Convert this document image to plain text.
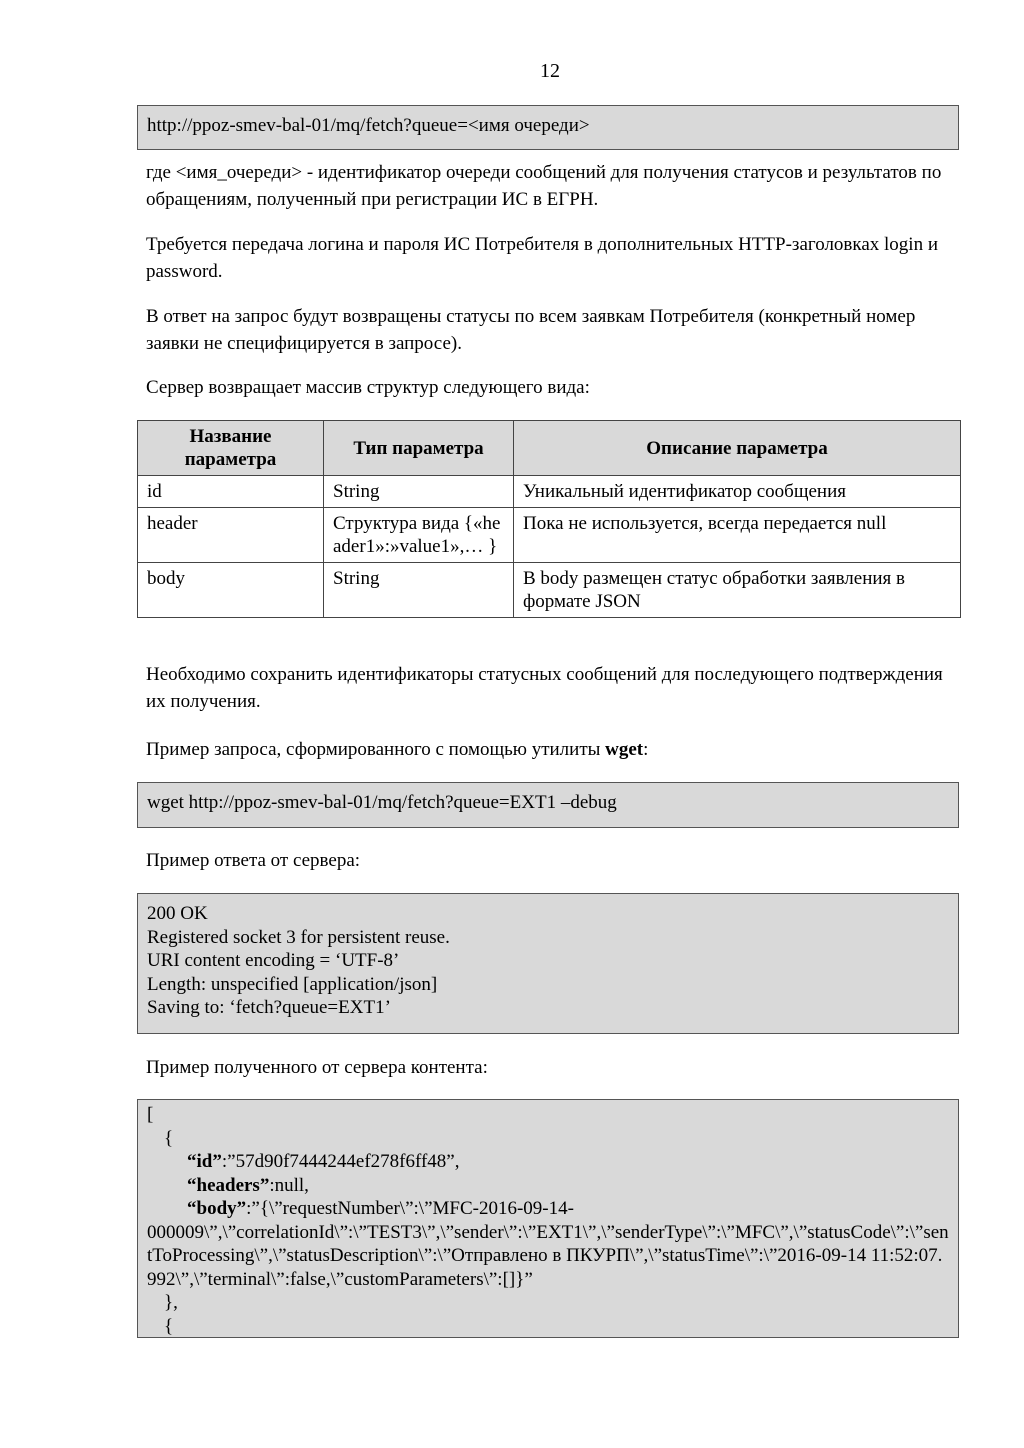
12
http://ppoz-smev-bal-01/mq/fetch?queue=<имя очереди>

где <имя_очереди> - идентификатор очереди сообщений для получения статусов и результатов по обращениям, полученный при регистрации ИС в ЕГРН.

Требуется передача логина и пароля ИС Потребителя в дополнительных HTTP-заголовках login и password.

В ответ на запрос будут возвращены статусы по всем заявкам Потребителя (конкретный номер заявки не специфицируется в запросе).

Сервер возвращает массив структур следующего вида:

Название параметра	Тип параметра	Описание параметра
id	String	Уникальный идентификатор сообщения
header	Структура вида {«header1»:»value1»,… }	Пока не используется, всегда передается null
body	String	В body размещен статус обработки заявления в формате JSON

Необходимо сохранить идентификаторы статусных сообщений для последующего подтверждения их получения.

Пример запроса, сформированного с помощью утилиты wget:

wget http://ppoz-smev-bal-01/mq/fetch?queue=EXT1 –debug

Пример ответа от сервера:

200 OK
Registered socket 3 for persistent reuse.
URI content encoding = ‘UTF-8’
Length: unspecified [application/json]
Saving to: ‘fetch?queue=EXT1’

Пример полученного от сервера контента:

[
{
“id”:”57d90f7444244ef278f6ff48”,
“headers”:null,
“body”:”{\”requestNumber\”:\”MFC-2016-09-14-
000009\”,\”correlationId\”:\”TEST3\”,\”sender\”:\”EXT1\”,\”senderType\”:\”MFC\”,\”statusCode\”:\”sentToProcessing\”,\”statusDescription\”:\”Отправлено в ПКУРП\”,\”statusTime\”:\”2016-09-14 11:52:07.992\”,\”terminal\”:false,\”customParameters\”:[]}”
},
{
